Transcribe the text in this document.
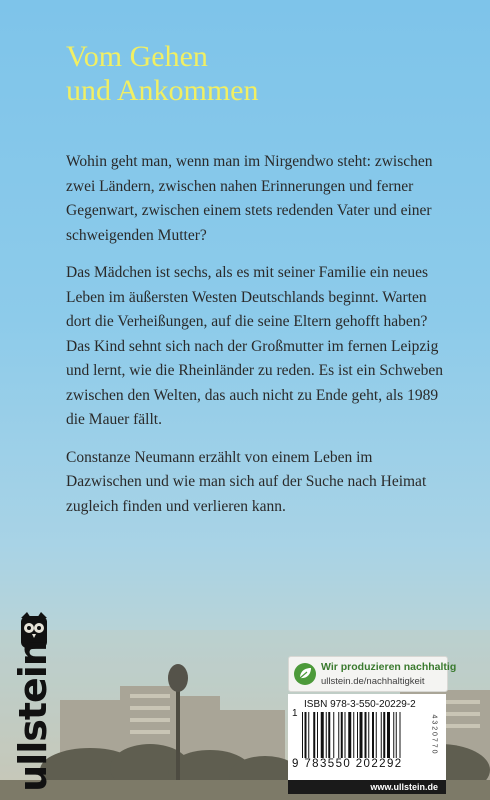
Vom Gehen
und Ankommen

Wohin geht man, wenn man im Nirgendwo steht: zwischen zwei Ländern, zwischen nahen Erinnerungen und ferner Gegenwart, zwischen einem stets redenden Vater und einer schweigenden Mutter?

Das Mädchen ist sechs, als es mit seiner Familie ein neues Leben im äußersten Westen Deutschlands beginnt. Warten dort die Verheißungen, auf die seine Eltern gehofft haben? Das Kind sehnt sich nach der Großmutter im fernen Leipzig und lernt, wie die Rheinländer zu reden. Es ist ein Schweben zwischen den Welten, das auch nicht zu Ende geht, als 1989 die Mauer fällt.

Constanze Neumann erzählt von einem Leben im Dazwischen und wie man sich auf der Suche nach Heimat zugleich finden und verlieren kann.

ullstein	Wir produzieren nachhaltig
ullstein.de/nachhaltigkeit
1
ISBN 978-3-550-20229-2
9 783550 202292
4 3 2 0 7 7 0
www.ullstein.de
